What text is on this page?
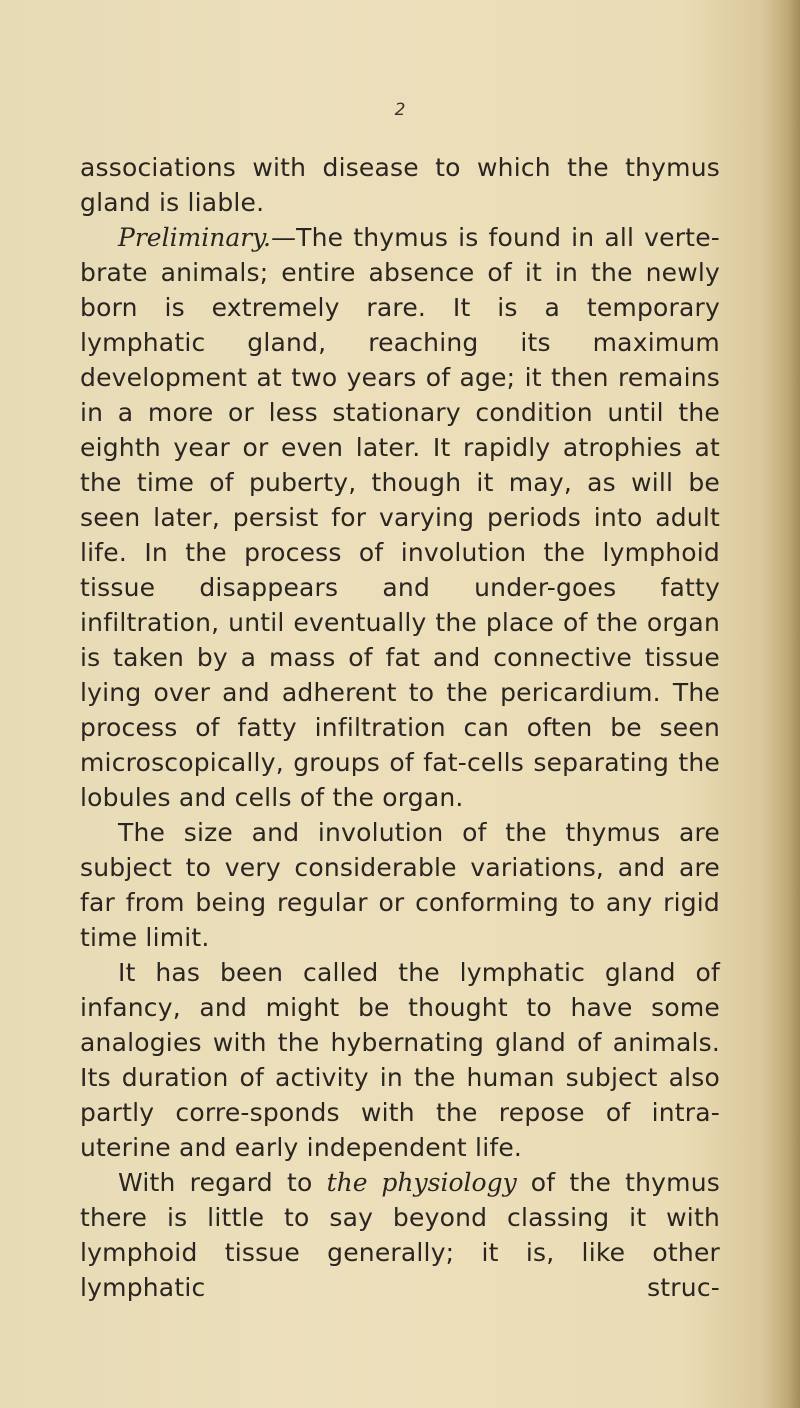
2

associations with disease to which the thymus gland is liable.

Preliminary.—The thymus is found in all verte-brate animals; entire absence of it in the newly born is extremely rare. It is a temporary lymphatic gland, reaching its maximum development at two years of age; it then remains in a more or less stationary condition until the eighth year or even later. It rapidly atrophies at the time of puberty, though it may, as will be seen later, persist for varying periods into adult life. In the process of involution the lymphoid tissue disappears and under-goes fatty infiltration, until eventually the place of the organ is taken by a mass of fat and connective tissue lying over and adherent to the pericardium. The process of fatty infiltration can often be seen microscopically, groups of fat-cells separating the lobules and cells of the organ.

The size and involution of the thymus are subject to very considerable variations, and are far from being regular or conforming to any rigid time limit.

It has been called the lymphatic gland of infancy, and might be thought to have some analogies with the hybernating gland of animals. Its duration of activity in the human subject also partly corre-sponds with the repose of intra-uterine and early independent life.

With regard to the physiology of the thymus there is little to say beyond classing it with lymphoid tissue generally; it is, like other lymphatic struc-
